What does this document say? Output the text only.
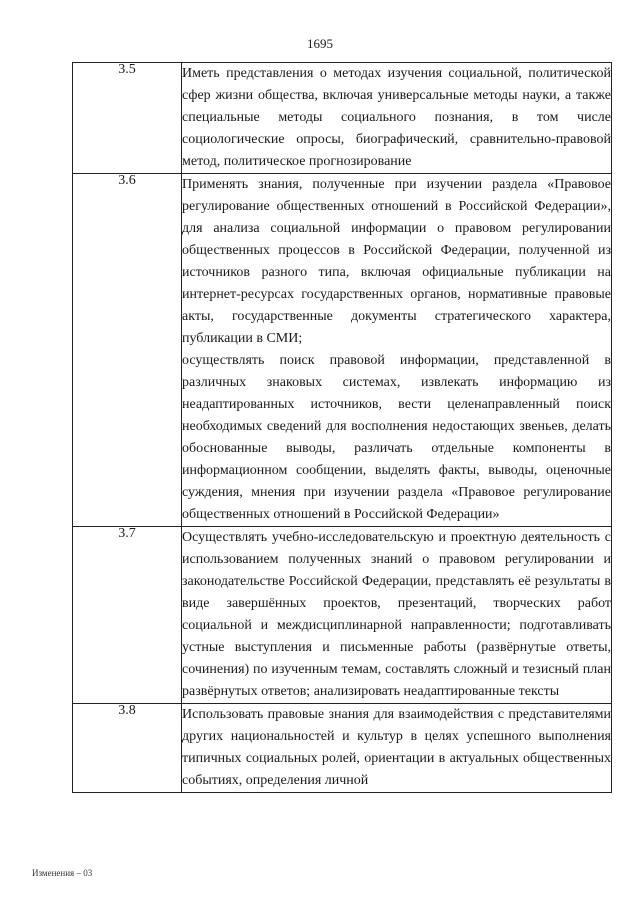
1695
3.5	Иметь представления о методах изучения социальной, политической сфер жизни общества, включая универсальные методы науки, а также специальные методы социального познания, в том числе социологические опросы, биографический, сравнительно-правовой метод, политическое прогнозирование

3.6	Применять знания, полученные при изучении раздела «Правовое регулирование общественных отношений в Российской Федерации», для анализа социальной информации о правовом регулировании общественных процессов в Российской Федерации, полученной из источников разного типа, включая официальные публикации на интернет-ресурсах государственных органов, нормативные правовые акты, государственные документы стратегического характера, публикации в СМИ;
осуществлять поиск правовой информации, представленной в различных знаковых системах, извлекать информацию из неадаптированных источников, вести целенаправленный поиск необходимых сведений для восполнения недостающих звеньев, делать обоснованные выводы, различать отдельные компоненты в информационном сообщении, выделять факты, выводы, оценочные суждения, мнения при изучении раздела «Правовое регулирование общественных отношений в Российской Федерации»

3.7	Осуществлять учебно-исследовательскую и проектную деятельность с использованием полученных знаний о правовом регулировании и законодательстве Российской Федерации, представлять её результаты в виде завершённых проектов, презентаций, творческих работ социальной и междисциплинарной направленности; подготавливать устные выступления и письменные работы (развёрнутые ответы, сочинения) по изученным темам, составлять сложный и тезисный план развёрнутых ответов; анализировать неадаптированные тексты

3.8	Использовать правовые знания для взаимодействия с представителями других национальностей и культур в целях успешного выполнения типичных социальных ролей, ориентации в актуальных общественных событиях, определения личной
Изменения – 03
